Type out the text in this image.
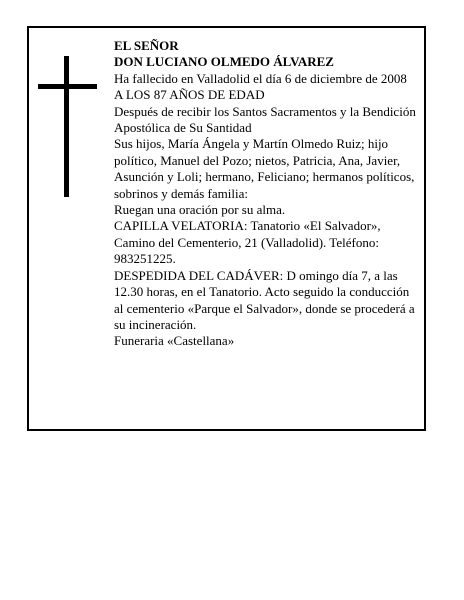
EL SEÑOR

DON LUCIANO OLMEDO ÁLVAREZ

Ha fallecido en Valladolid el día 6 de diciembre de 2008

A LOS 87 AÑOS DE EDAD

Después de recibir los Santos Sacramentos y la Bendición Apostólica de Su Santidad

Sus hijos, María Ángela y Martín Olmedo Ruiz; hijo político, Manuel del Pozo; nietos, Patricia, Ana, Javier, Asunción y Loli; hermano, Feliciano; hermanos políticos, sobrinos y demás familia:

Ruegan una oración por su alma.

CAPILLA VELATORIA: Tanatorio «El Salvador», Camino del Cementerio, 21 (Valladolid). Teléfono: 983251225.

DESPEDIDA DEL CADÁVER: D omingo día 7, a las 12.30 horas, en el Tanatorio. Acto seguido la conducción al cementerio «Parque el Salvador», donde se procederá a su incineración.

Funeraria «Castellana»
